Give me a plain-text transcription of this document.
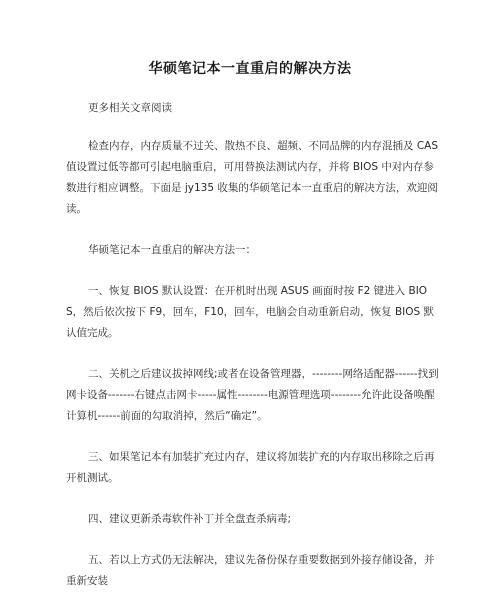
华硕笔记本一直重启的解决方法

更多相关文章阅读

检查内存，内存质量不过关、散热不良、超频、不同品牌的内存混插及 CAS 值设置过低等都可引起电脑重启，可用替换法测试内存，并将 BIOS 中对内存参数进行相应调整。下面是 jy135 收集的华硕笔记本一直重启的解决方法，欢迎阅读。

华硕笔记本一直重启的解决方法一：

一、恢复 BIOS 默认设置：在开机时出现 ASUS 画面时按 F2 键进入 BIOS，然后依次按下 F9，回车，F10，回车，电脑会自动重新启动，恢复 BIOS 默认值完成。

二、关机之后建议拔掉网线;或者在设备管理器，--------网络适配器------找到网卡设备-------右键点击网卡-----属性--------电源管理选项--------允许此设备唤醒计算机------前面的勾取消掉，然后“确定”。

三、如果笔记本有加装扩充过内存，建议将加装扩充的内存取出移除之后再开机测试。

四、建议更新杀毒软件补丁并全盘查杀病毒;

五、若以上方式仍无法解决，建议先备份保存重要数据到外接存储设备，并重新安装
